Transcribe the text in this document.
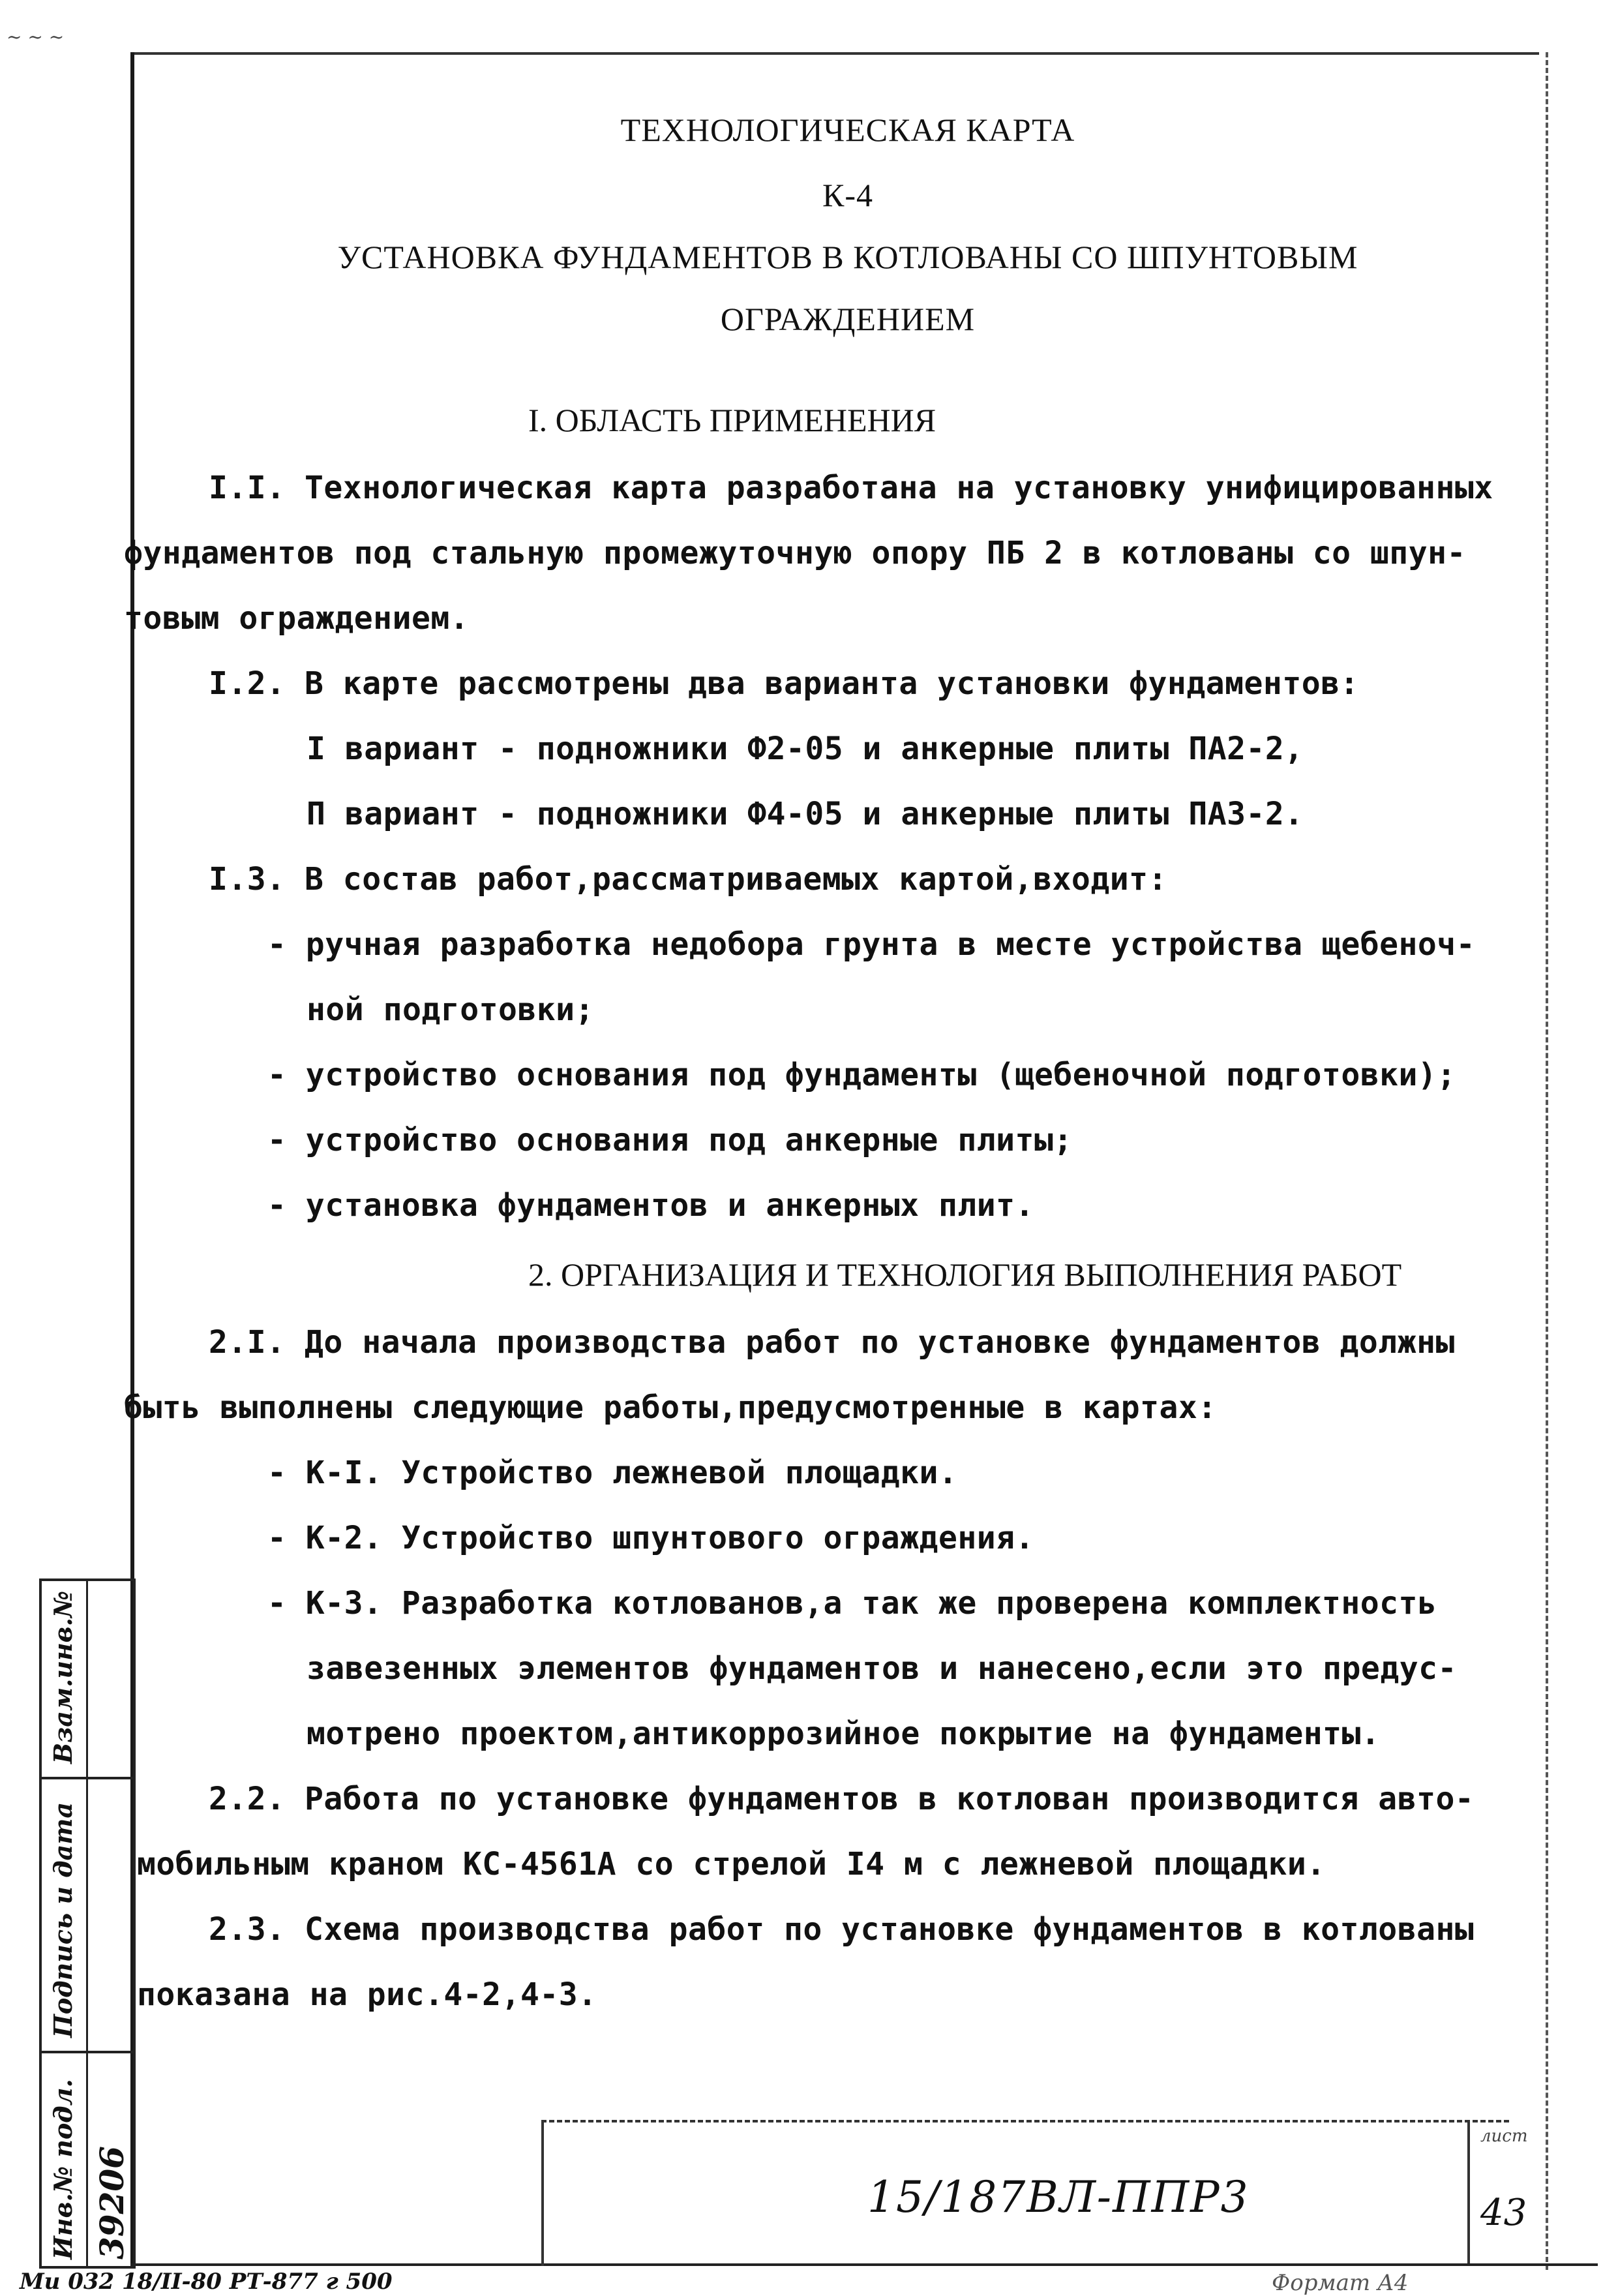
~ ~ ~
ТЕХНОЛОГИЧЕСКАЯ КАРТА
К-4
УСТАНОВКА ФУНДАМЕНТОВ В КОТЛОВАНЫ СО ШПУНТОВЫМ
ОГРАЖДЕНИЕМ
I. ОБЛАСТЬ ПРИМЕНЕНИЯ
I.I. Технологическая карта разработана на установку унифицированных
фундаментов под стальную промежуточную опору ПБ 2 в котлованы со шпун-
товым ограждением.
I.2. В карте рассмотрены два варианта установки фундаментов:
I вариант - подножники Ф2-05 и анкерные плиты ПА2-2,
П вариант - подножники Ф4-05 и анкерные плиты ПА3-2.
I.3. В состав работ,рассматриваемых картой,входит:
- ручная разработка недобора грунта в месте устройства щебеноч-
ной подготовки;
- устройство основания под фундаменты (щебеночной подготовки);
- устройство основания под анкерные плиты;
- установка фундаментов и анкерных плит.
2. ОРГАНИЗАЦИЯ И ТЕХНОЛОГИЯ ВЫПОЛНЕНИЯ РАБОТ
2.I. До начала производства работ по установке фундаментов должны
быть выполнены следующие работы,предусмотренные в картах:
- К-I. Устройство лежневой площадки.
- К-2. Устройство шпунтового ограждения.
- К-3. Разработка котлованов,а так же проверена комплектность
завезенных элементов фундаментов и нанесено,если это предус-
мотрено проектом,антикоррозийное покрытие на фундаменты.
2.2. Работа по установке фундаментов в котлован производится авто-
мобильным краном КС-4561А со стрелой I4 м с лежневой площадки.
2.3. Схема производства работ по установке фундаментов в котлованы
показана на рис.4-2,4-3.
Инв.№ подл. 39206
Подпись и дата
Взам.инв.№
15/187ВЛ-ППР3
лист
43
Ми 032 18/II-80 РТ-877 г 500	Формат А4
